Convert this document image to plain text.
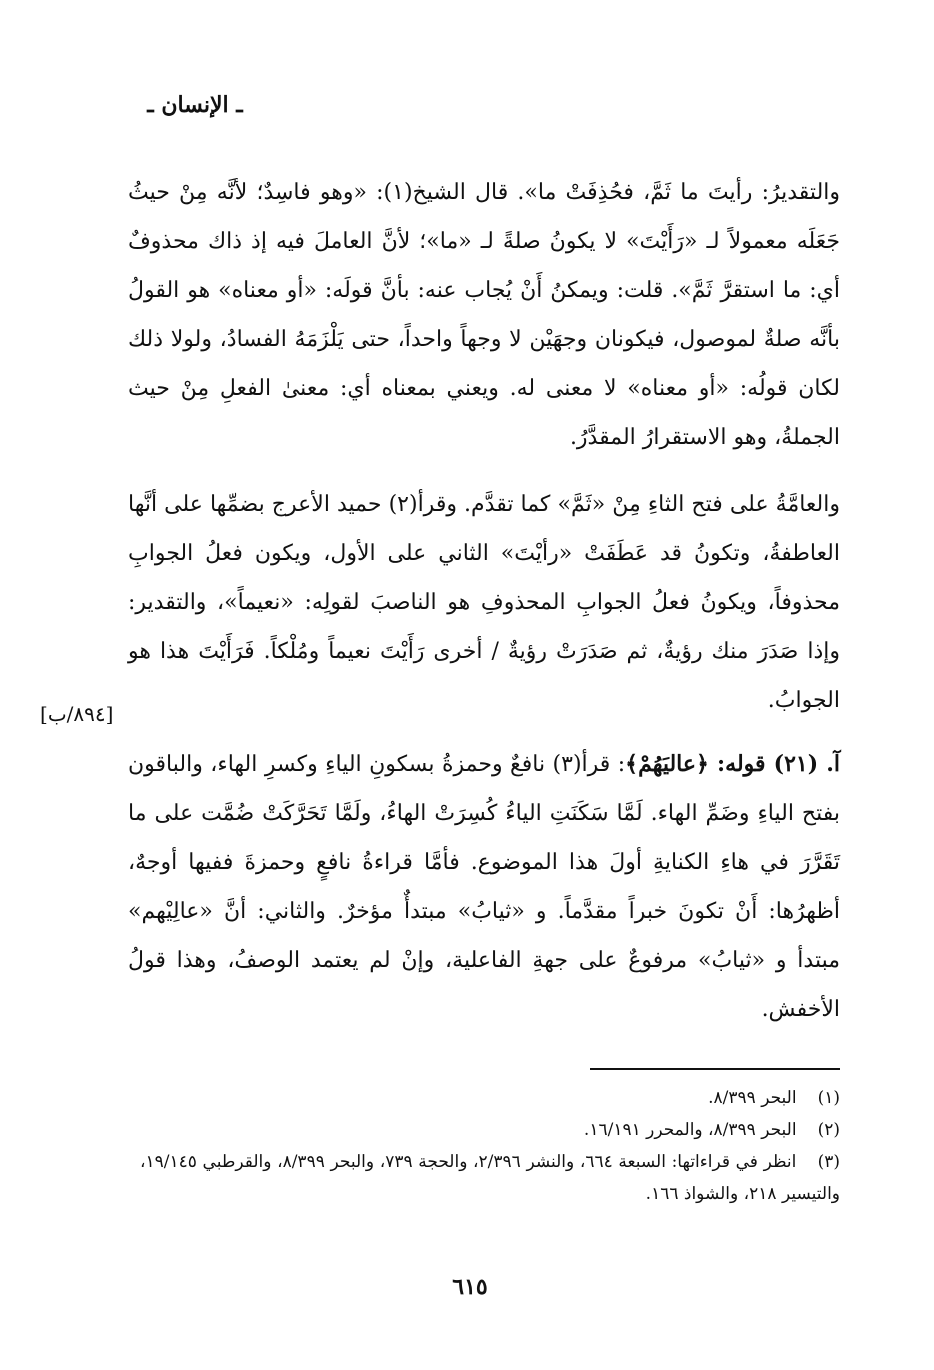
ـ الإنسان ـ

والتقديرُ: رأيتَ ما ثَمَّ، فحُذِفَتْ ما». قال الشيخ(١): «وهو فاسِدٌ؛ لأنَّه مِنْ حيثُ جَعَلَه معمولاً لـ «رَأَيْتَ» لا يكونُ صلةً لـ «ما»؛ لأنَّ العاملَ فيه إذ ذاك محذوفٌ أي: ما استقرَّ ثَمَّ». قلت: ويمكنُ أَنْ يُجاب عنه: بأنَّ قولَه: «أو معناه» هو القولُ بأنَّه صلةٌ لموصول، فيكونان وجهَيْن لا وجهاً واحداً، حتى يَلْزَمَهُ الفسادُ، ولولا ذلك لكان قولُه: «أو معناه» لا معنى له. ويعني بمعناه أي: معنىٰ الفعلِ مِنْ حيث الجملةُ، وهو الاستقرارُ المقدَّرُ.

والعامَّةُ على فتح الثاءِ مِنْ «ثَمَّ» كما تقدَّم. وقرأ(٢) حميد الأعرج بضمِّها على أنَّها العاطفةُ، وتكونُ قد عَطَفَتْ «رأيْتَ» الثاني على الأول، ويكون فعلُ الجوابِ محذوفاً، ويكونُ فعلُ الجوابِ المحذوفِ هو الناصبَ لقولِه: «نعيماً»، والتقدير: وإذا صَدَرَ منك رؤيةٌ، ثم صَدَرَتْ رؤيةٌ / أخرى رَأَيْتَ نعيماً ومُلْكاً. فَرَأَيْتَ هذا هو الجوابُ.

آ. (٢١) قوله: ﴿عاليَهُمْ﴾: قرأ(٣) نافعٌ وحمزةُ بسكونِ الياءِ وكسرِ الهاء، والباقون بفتح الياءِ وضَمِّ الهاء. لَمَّا سَكَنَتِ الياءُ كُسِرَتْ الهاءُ، ولَمَّا تَحَرَّكَتْ ضُمَّت على ما تَقَرَّرَ في هاءِ الكنايةِ أولَ هذا الموضوع. فأمَّا قراءةُ نافعٍ وحمزةَ ففيها أوجهٌ، أظهرُها: أَنْ تكونَ خبراً مقدَّماً. و «ثيابُ» مبتدأٌ مؤخرٌ. والثاني: أنَّ «عالِيْهم» مبتدأ و «ثيابُ» مرفوعٌ على جهةِ الفاعلية، وإنْ لم يعتمد الوصفُ، وهذا قولُ الأخفش.

[٨٩٤/ب]

(١) البحر ٨/٣٩٩.

(٢) البحر ٨/٣٩٩، والمحرر ١٦/١٩١.

(٣) انظر في قراءاتها: السبعة ٦٦٤، والنشر ٢/٣٩٦، والحجة ٧٣٩، والبحر ٨/٣٩٩، والقرطبي ١٩/١٤٥، والتيسير ٢١٨، والشواذ ١٦٦.

٦١٥
